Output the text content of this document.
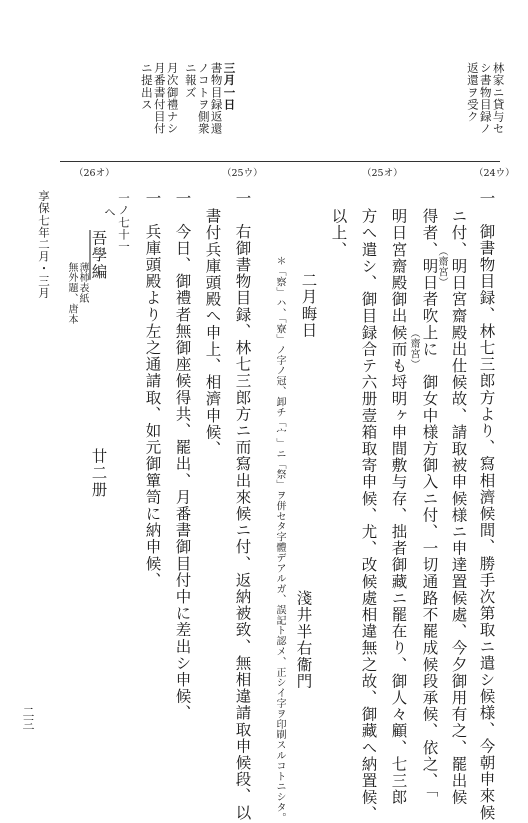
林家ニ貸与セ
シ書物目録ノ
返還ヲ受ク
三月一日
書物目録返還
ノコトヲ側衆
ニ報ズ
月次御禮ナシ
月番書付目付
ニ提出ス
（24ウ）
（25オ）
（25ウ）
（26オ）
一　御書物目録、林七三郎方より、寫相濟候間、勝手次第取ニ遣シ候様、今朝申來候
ニ付、明日宮齋殿出仕候故、請取被申候様ニ申達置候處、今夕御用有之、罷出候
（齋宮）
得者、明日者吹上に　御女中様方御入ニ付、一切通路不罷成候段承候、依之、「
（齋宮）
明日宮齋殿御出候而も埒明ヶ申間敷与存、拙者御藏ニ罷在り、御人々顧、七三郎
方へ遣シ、御目録合テ六册壹箱取寄申候、尤、改候處相違無之故、御藏へ納置候、
以上、
二月晦日
淺井半右衞門
＊「察」ハ、「寮」ノ字ノ冠、卸チ「宀」ニ「祭」ヲ併セタ字體デアルガ、誤記ト認メ、正シイ字ヲ印刷スルコトニシタ。
一　右御書物目録、林七三郎方ニ而寫出來候ニ付、返納被致、無相違請取申候段、以
書付兵庫頭殿へ申上、相濟申候、
一　今日、御禮者無御座候得共、罷出、月番書御目付中に差出シ申候、
一　兵庫頭殿より左之通請取、如元御簞笥に納申候、
一ノ七十一
へ
吾學編
薄柿表紙
無外題、唐本
廿二册
享保七年二月・三月
二三
